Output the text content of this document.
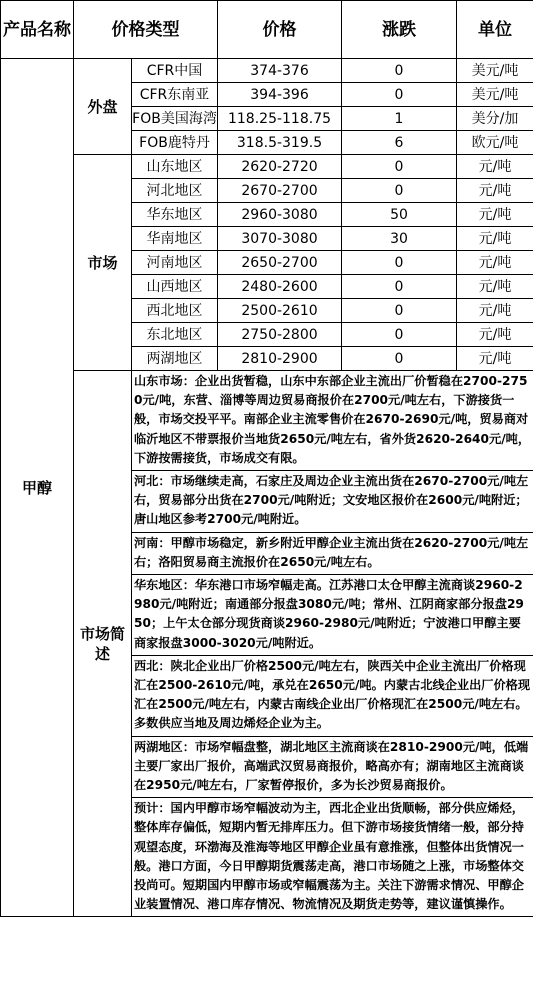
产品名称	价格类型		价格	涨跌	单位
甲醇	外盘	CFR中国	374-376	0	美元/吨
		CFR东南亚	394-396	0	美元/吨
		FOB美国海湾	118.25-118.75	1	美分/加
		FOB鹿特丹	318.5-319.5	6	欧元/吨
	市场	山东地区	2620-2720	0	元/吨
		河北地区	2670-2700	0	元/吨
		华东地区	2960-3080	50	元/吨
		华南地区	3070-3080	30	元/吨
		河南地区	2650-2700	0	元/吨
		山西地区	2480-2600	0	元/吨
		西北地区	2500-2610	0	元/吨
		东北地区	2750-2800	0	元/吨
		两湖地区	2810-2900	0	元/吨
	市场简述	山东市场：企业出货暂稳，山东中东部企业主流出厂价暂稳在2700-2750元/吨，东营、淄博等周边贸易商报价在2700元/吨左右，下游接货一般，市场交投平平。南部企业主流零售价在2670-2690元/吨，贸易商对临沂地区不带票报价当地货2650元/吨左右，省外货2620-2640元/吨，下游按需接货，市场成交有限。			
		河北：市场继续走高，石家庄及周边企业主流出货在2670-2700元/吨左右，贸易部分出货在2700元/吨附近；文安地区报价在2600元/吨附近；唐山地区参考2700元/吨附近。			
		河南：甲醇市场稳定，新乡附近甲醇企业主流出货在2620-2700元/吨左右；洛阳贸易商主流报价在2650元/吨左右。			
		华东地区：华东港口市场窄幅走高。江苏港口太仓甲醇主流商谈2960-2980元/吨附近；南通部分报盘3080元/吨；常州、江阴商家部分报盘2950；上午太仓部分现货商谈2960-2980元/吨附近；宁波港口甲醇主要商家报盘3000-3020元/吨附近。			
		西北：陕北企业出厂价格2500元/吨左右，陕西关中企业主流出厂价格现汇在2500-2610元/吨，承兑在2650元/吨。内蒙古北线企业出厂价格现汇在2500元/吨左右，内蒙古南线企业出厂价格现汇在2500元/吨左右。多数供应当地及周边烯烃企业为主。			
		两湖地区：市场窄幅盘整，湖北地区主流商谈在2810-2900元/吨，低端主要厂家出厂报价，高端武汉贸易商报价，略高亦有；湖南地区主流商谈在2950元/吨左右，厂家暂停报价，多为长沙贸易商报价。			
		预计：国内甲醇市场窄幅波动为主，西北企业出货顺畅，部分供应烯烃，整体库存偏低，短期内暂无排库压力。但下游市场接货情绪一般，部分持观望态度，环渤海及淮海等地区甲醇企业虽有意推涨，但整体出货情况一般。港口方面，今日甲醇期货震荡走高，港口市场随之上涨，市场整体交投尚可。短期国内甲醇市场或窄幅震荡为主。关注下游需求情况、甲醇企业装置情况、港口库存情况、物流情况及期货走势等，建议谨慎操作。			
